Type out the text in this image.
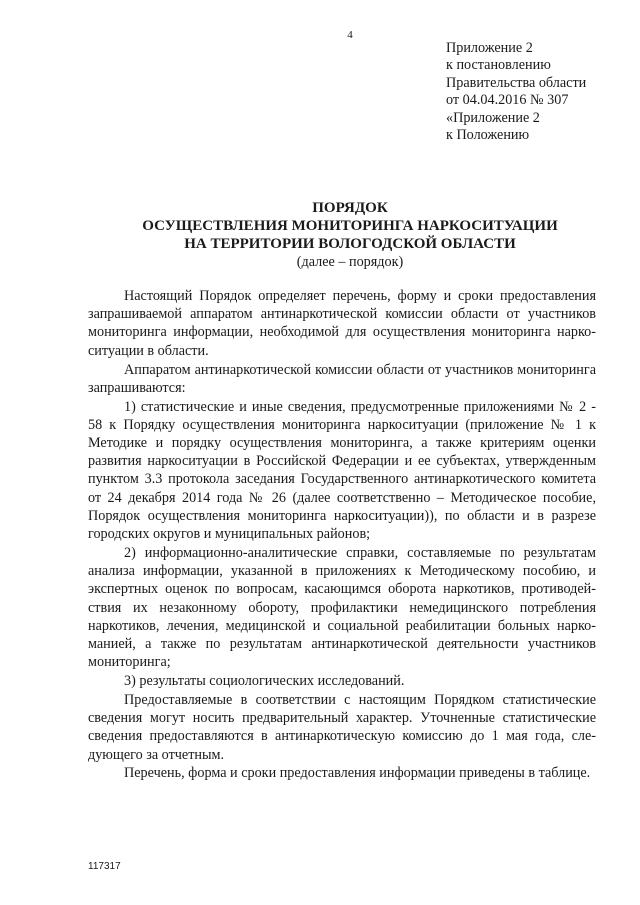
4
Приложение 2
к постановлению
Правительства области
от 04.04.2016 № 307
«Приложение 2
к Положению
ПОРЯДОК
ОСУЩЕСТВЛЕНИЯ МОНИТОРИНГА НАРКОСИТУАЦИИ
НА ТЕРРИТОРИИ ВОЛОГОДСКОЙ ОБЛАСТИ
(далее – порядок)

Настоящий Порядок определяет перечень, форму и сроки предоставления запрашиваемой аппаратом антинаркотической комиссии области от участников мониторинга информации, необходимой для осуществления мониторинга наркоситуации в области.

Аппаратом антинаркотической комиссии области от участников мониторинга запрашиваются:

1) статистические и иные сведения, предусмотренные приложениями № 2 - 58 к Порядку осуществления мониторинга наркоситуации (приложение № 1 к Методике и порядку осуществления мониторинга, а также критериям оценки развития наркоситуации в Российской Федерации и ее субъектах, утвержденным пунктом 3.3 протокола заседания Государственного антинаркотического комитета от 24 декабря 2014 года № 26 (далее соответственно – Методическое пособие, Порядок осуществления мониторинга наркоситуации)), по области и в разрезе городских округов и муниципальных районов;

2) информационно-аналитические справки, составляемые по результатам анализа информации, указанной в приложениях к Методическому пособию, и экспертных оценок по вопросам, касающимся оборота наркотиков, противодействия их незаконному обороту, профилактики немедицинского потребления наркотиков, лечения, медицинской и социальной реабилитации больных наркоманией, а также по результатам антинаркотической деятельности участников мониторинга;

3) результаты социологических исследований.

Предоставляемые в соответствии с настоящим Порядком статистические сведения могут носить предварительный характер. Уточненные статистические сведения предоставляются в антинаркотическую комиссию до 1 мая года, следующего за отчетным.

Перечень, форма и сроки предоставления информации приведены в таблице.

117317
